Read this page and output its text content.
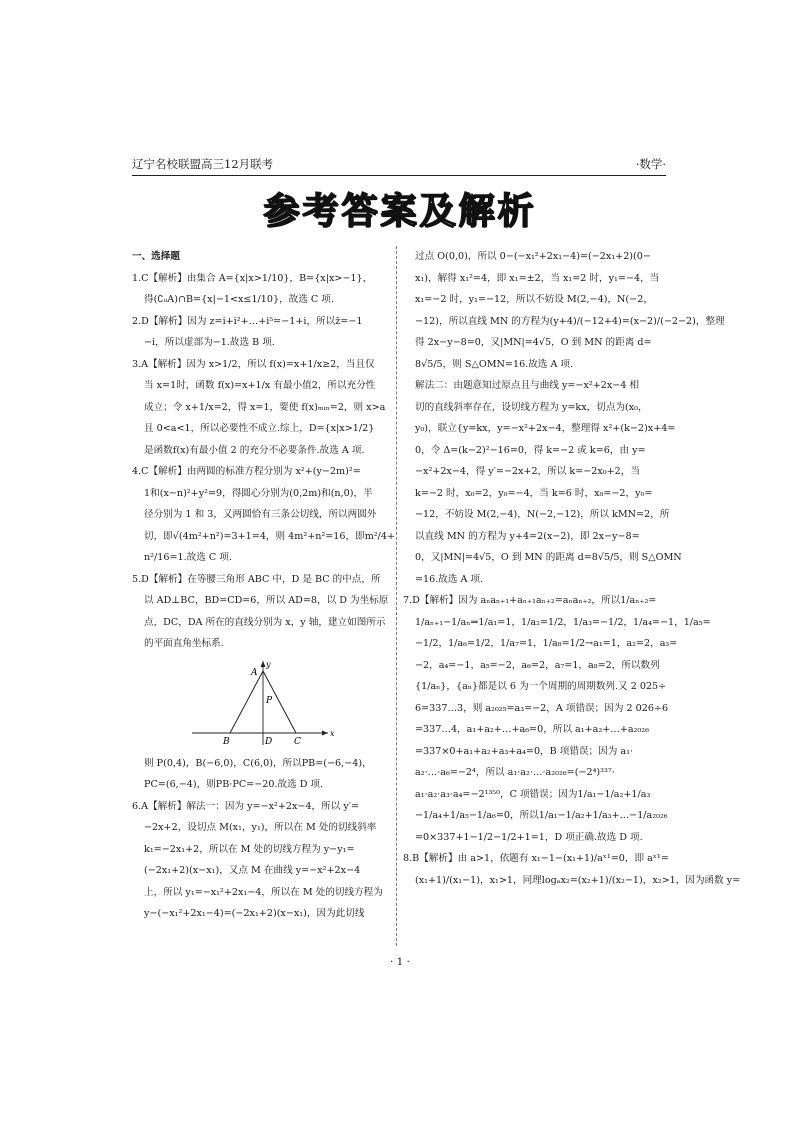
辽宁名校联盟高三12月联考	·数学·
参考答案及解析
一、选择题
1.C【解析】由集合 A={x|x>1/10}，B={x|x>−1}，
得(∁ᵤA)∩B={x|−1<x≤1/10}，故选 C 项.
2.D【解析】因为 z=i+i²+…+i⁵=−1+i，所以z̄=−1
−i，所以虚部为−1.故选 B 项.
3.A【解析】因为 x>1/2，所以 f(x)=x+1/x≥2，当且仅
当 x=1时，函数 f(x)=x+1/x 有最小值2，所以充分性
成立；令 x+1/x=2，得 x=1，要使 f(x)ₘᵢₙ=2，则 x>a
且 0<a<1，所以必要性不成立.综上，D={x|x>1/2}
是函数f(x)有最小值 2 的充分不必要条件.故选 A 项.
4.C【解析】由两圆的标准方程分别为 x²+(y−2m)²=
1和(x−n)²+y²=9，得圆心分别为(0,2m)和(n,0)，半
径分别为 1 和 3，又两圆恰有三条公切线，所以两圆外
切，即√(4m²+n²)=3+1=4，则 4m²+n²=16，即m²/4+
n²/16=1.故选 C 项.
5.D【解析】在等腰三角形 ABC 中，D 是 BC 的中点，所
以 AD⊥BC，BD=CD=6，所以 AD=8，以 D 为坐标原
点，DC，DA 所在的直线分别为 x，y 轴，建立如图所示
的平面直角坐标系.
A
P
B	D C
x
y
则 P(0,4)，B(−6,0)，C(6,0)，所以PB=(−6,−4)，
PC=(6,−4)，则PB·PC=−20.故选 D 项.
6.A【解析】解法一：因为 y=−x²+2x−4，所以 y′=
−2x+2，设切点 M(x₁，y₁)，所以在 M 处的切线斜率
k₁=−2x₁+2，所以在 M 处的切线方程为 y−y₁=
(−2x₁+2)(x−x₁)，又点 M 在曲线 y=−x²+2x−4
上，所以 y₁=−x₁²+2x₁−4，所以在 M 处的切线方程为
y−(−x₁²+2x₁−4)=(−2x₁+2)(x−x₁)，因为此切线
过点 O(0,0)，所以 0−(−x₁²+2x₁−4)=(−2x₁+2)(0−
x₁)，解得 x₁²=4，即 x₁=±2，当 x₁=2 时，y₁=−4，当
x₁=−2 时，y₁=−12，所以不妨设 M(2,−4)，N(−2，
−12)，所以直线 MN 的方程为(y+4)/(−12+4)=(x−2)/(−2−2)，整理
得 2x−y−8=0，又|MN|=4√5，O 到 MN 的距离 d=
8√5/5，则 S△OMN=16.故选 A 项.
解法二：由题意知过原点且与曲线 y=−x²+2x−4 相
切的直线斜率存在，设切线方程为 y=kx，切点为(x₀，
y₀)，联立{y=kx，y=−x²+2x−4，整理得 x²+(k−2)x+4=
0，令 Δ=(k−2)²−16=0，得 k=−2 或 k=6，由 y=
−x²+2x−4，得 y′=−2x+2，所以 k=−2x₀+2，当
k=−2 时，x₀=2，y₀=−4，当 k=6 时，x₀=−2，y₀=
−12，不妨设 M(2,−4)，N(−2,−12)，所以 kMN=2，所
以直线 MN 的方程为 y+4=2(x−2)，即 2x−y−8=
0，又|MN|=4√5，O 到 MN 的距离 d=8√5/5，则 S△OMN
=16.故选 A 项.
7.D【解析】因为 aₙaₙ₊₁+aₙ₊₁aₙ₊₂=aₙaₙ₊₂，所以1/aₙ₊₂=
1/aₙ₊₁−1/aₙ⇒1/a₁=1，1/a₂=1/2，1/a₃=−1/2，1/a₄=−1，1/a₅=
−1/2，1/a₆=1/2，1/a₇=1，1/a₈=1/2→a₁=1，a₂=2，a₃=
−2，a₄=−1，a₅=−2，a₆=2，a₇=1，a₈=2，所以数列
{1/aₙ}，{aₙ}都是以 6 为一个周期的周期数列.又 2 025÷
6=337…3，则 a₂₀₂₅=a₃=−2，A 项错误；因为 2 026÷6
=337…4，a₁+a₂+…+a₆=0，所以 a₁+a₂+…+a₂₀₂₆
=337×0+a₁+a₂+a₃+a₄=0，B 项错误；因为 a₁·
a₂·…·a₆=−2⁴，所以 a₁·a₂·…·a₂₀₂₆=(−2⁴)³³⁷·
a₁·a₂·a₃·a₄=−2¹³⁵⁰，C 项错误；因为1/a₁−1/a₂+1/a₃
−1/a₄+1/a₅−1/a₆=0，所以1/a₁−1/a₂+1/a₃+…−1/a₂₀₂₆
=0×337+1−1/2−1/2+1=1，D 项正确.故选 D 项.
8.B【解析】由 a>1，依题有 x₁−1−(x₁+1)/aˣ¹=0，即 aˣ¹=
(x₁+1)/(x₁−1)，x₁>1，同理logₐx₂=(x₂+1)/(x₂−1)，x₂>1，因为函数 y=
· 1 ·
